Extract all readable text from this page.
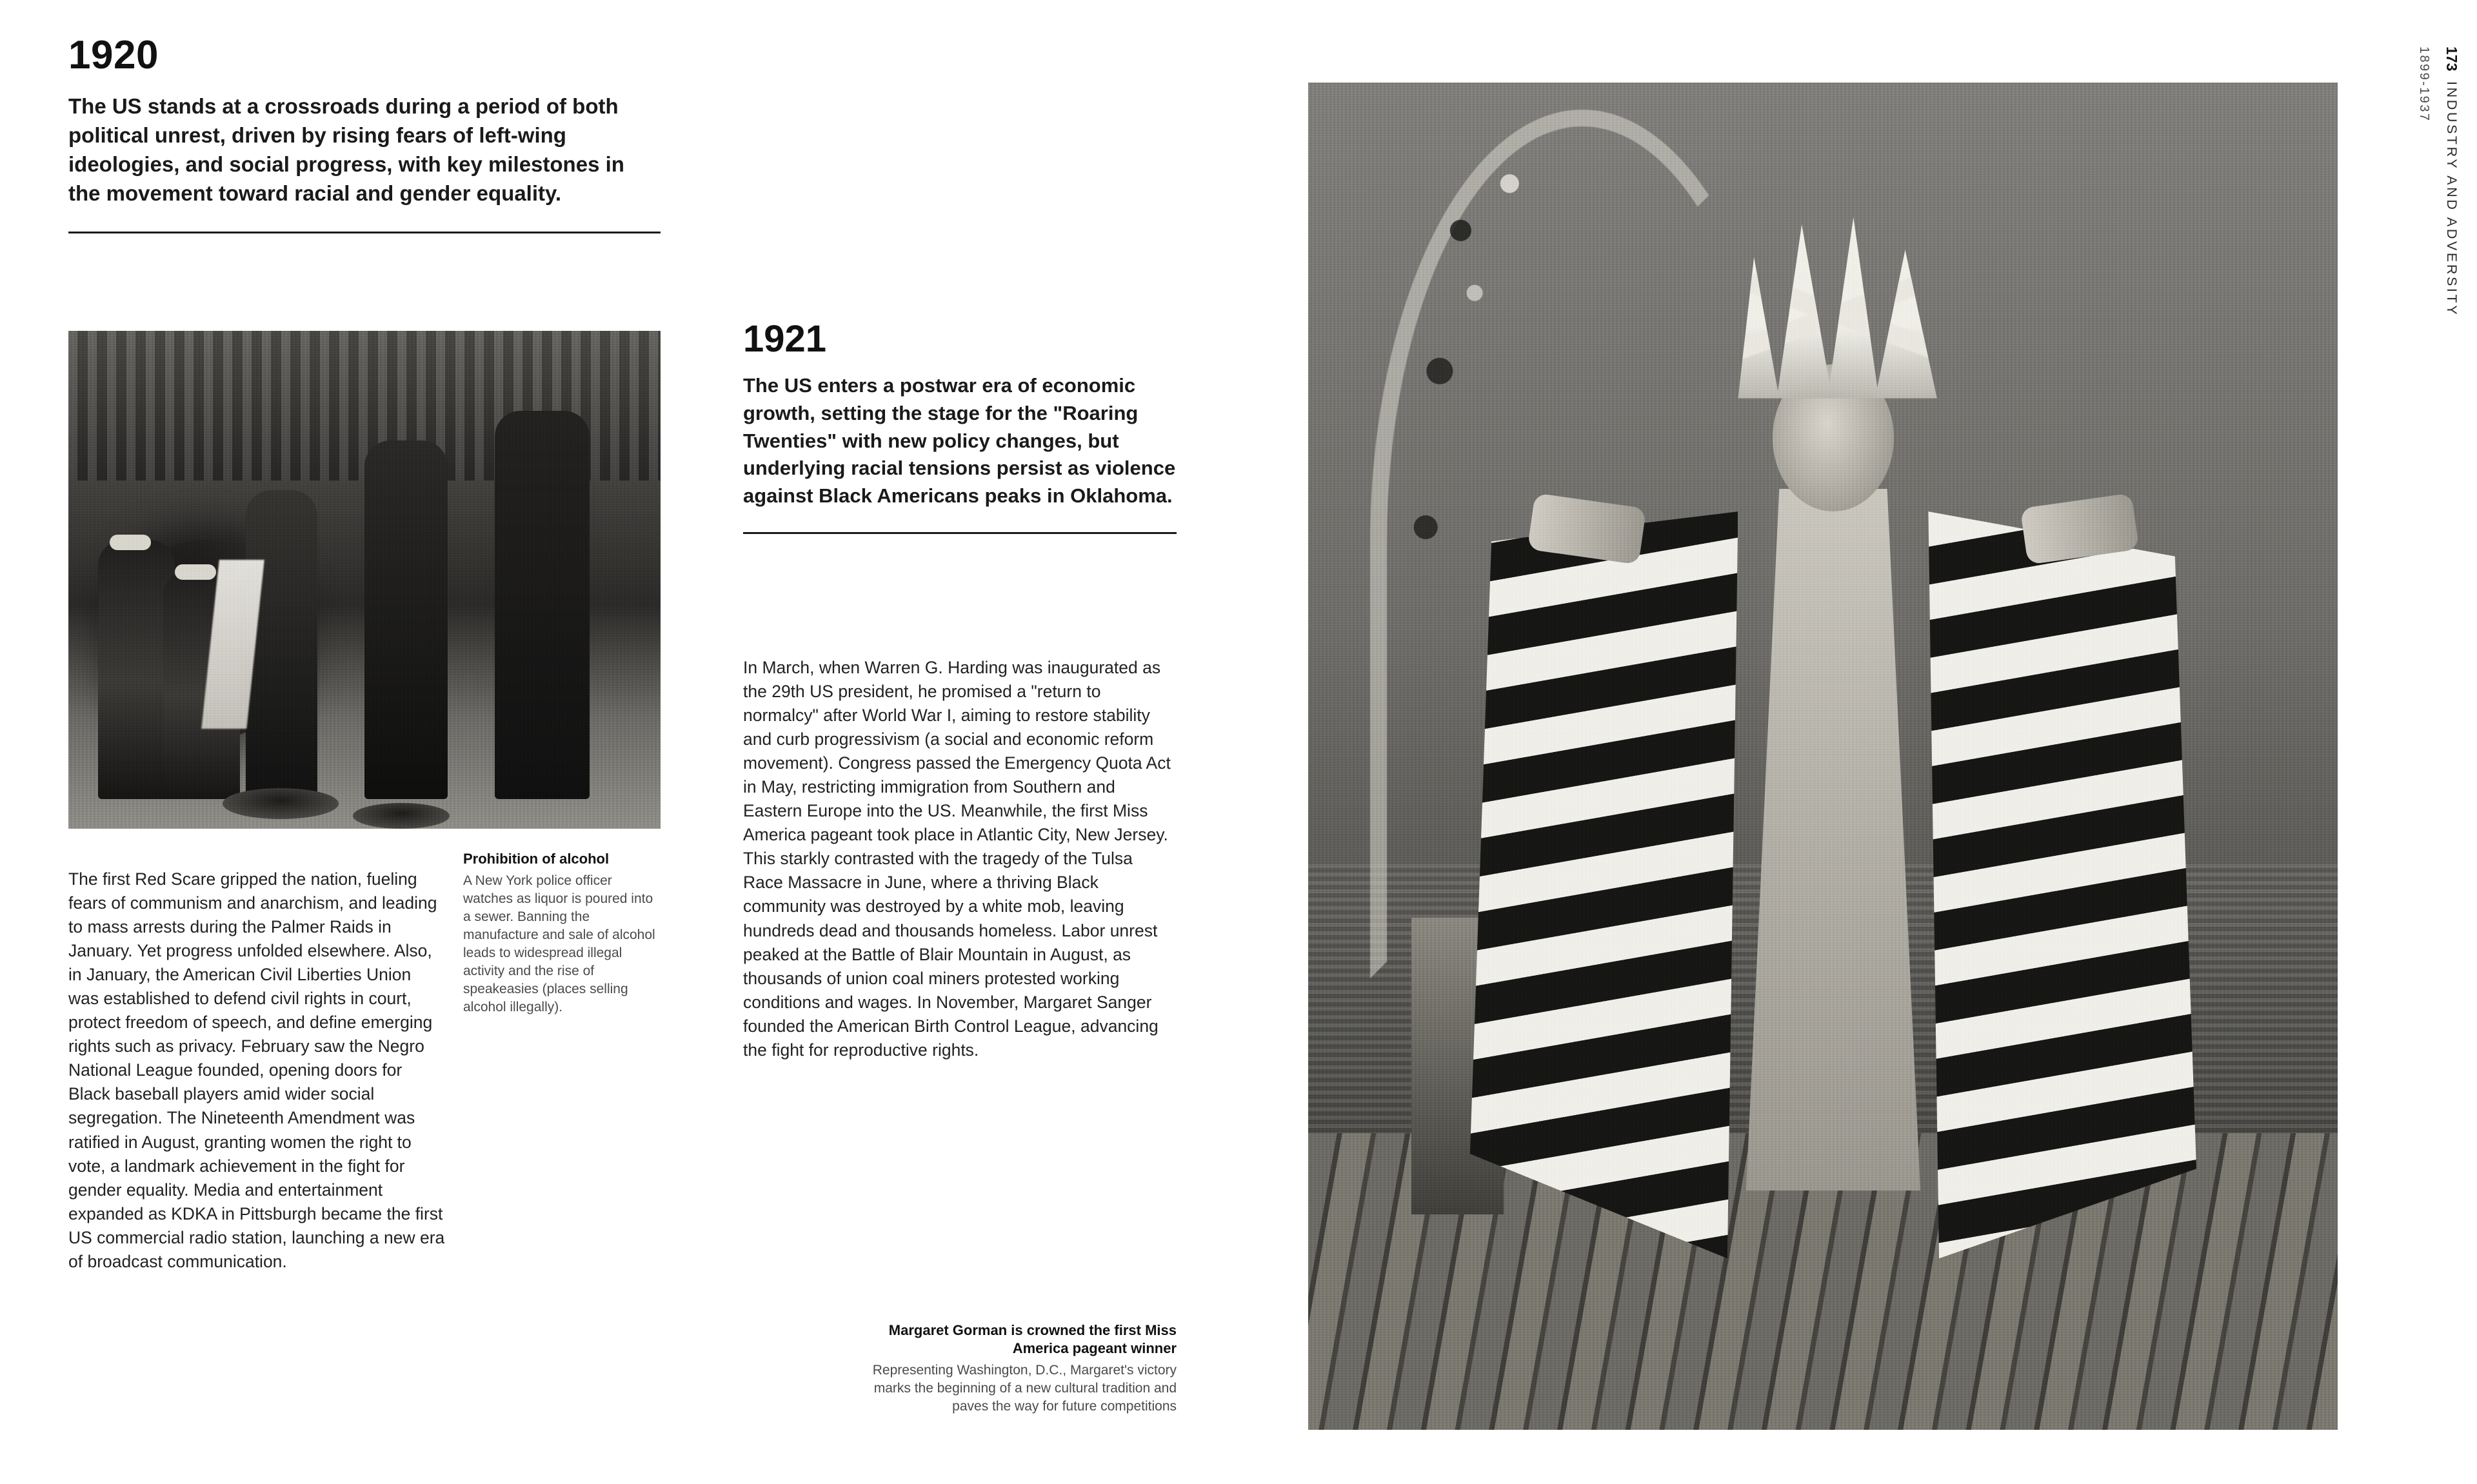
1920

The US stands at a crossroads during a period of both political unrest, driven by rising fears of left-wing ideologies, and social progress, with key milestones in the movement toward racial and gender equality.

The first Red Scare gripped the nation, fueling fears of communism and anarchism, and leading to mass arrests during the Palmer Raids in January. Yet progress unfolded elsewhere. Also, in January, the American Civil Liberties Union was established to defend civil rights in court, protect freedom of speech, and define emerging rights such as privacy. February saw the Negro National League founded, opening doors for Black baseball players amid wider social segregation. The Nineteenth Amendment was ratified in August, granting women the right to vote, a landmark achievement in the fight for gender equality. Media and entertainment expanded as KDKA in Pittsburgh became the first US commercial radio station, launching a new era of broadcast communication.

Prohibition of alcohol

A New York police officer watches as liquor is poured into a sewer. Banning the manufacture and sale of alcohol leads to widespread illegal activity and the rise of speakeasies (places selling alcohol illegally).

1921

The US enters a postwar era of economic growth, setting the stage for the "Roaring Twenties" with new policy changes, but underlying racial tensions persist as violence against Black Americans peaks in Oklahoma.

In March, when Warren G. Harding was inaugurated as the 29th US president, he promised a "return to normalcy" after World War I, aiming to restore stability and curb progressivism (a social and economic reform movement). Congress passed the Emergency Quota Act in May, restricting immigration from Southern and Eastern Europe into the US. Meanwhile, the first Miss America pageant took place in Atlantic City, New Jersey. This starkly contrasted with the tragedy of the Tulsa Race Massacre in June, where a thriving Black community was destroyed by a white mob, leaving hundreds dead and thousands homeless. Labor unrest peaked at the Battle of Blair Mountain in August, as thousands of union coal miners protested working conditions and wages. In November, Margaret Sanger founded the American Birth Control League, advancing the fight for reproductive rights.

Margaret Gorman is crowned the first Miss America pageant winner

Representing Washington, D.C., Margaret's victory marks the beginning of a new cultural tradition and paves the way for future competitions

1899-1937 173
INDUSTRY AND ADVERSITY
